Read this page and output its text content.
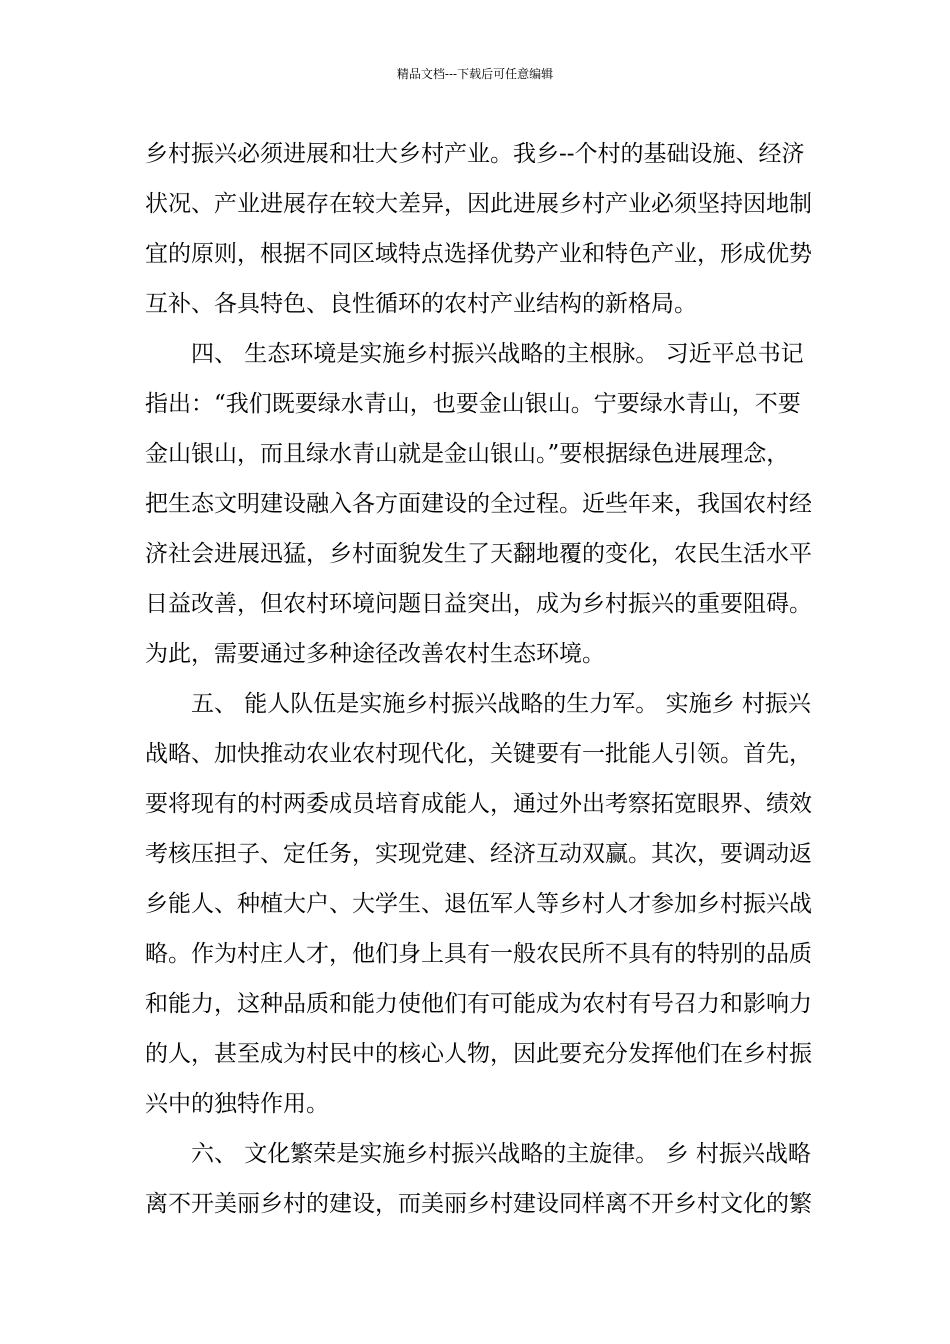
精品文档---下载后可任意编辑
乡村振兴必须进展和壮大乡村产业。我乡--个村的基础设施、经济
状况、产业进展存在较大差异，因此进展乡村产业必须坚持因地制
宜的原则，根据不同区域特点选择优势产业和特色产业，形成优势
互补、各具特色、良性循环的农村产业结构的新格局。
四、 生态环境是实施乡村振兴战略的主根脉。 习近平总书记
指出：“我们既要绿水青山，也要金山银山。宁要绿水青山，不要
金山银山，而且绿水青山就是金山银山。”要根据绿色进展理念，
把生态文明建设融入各方面建设的全过程。近些年来，我国农村经
济社会进展迅猛，乡村面貌发生了天翻地覆的变化，农民生活水平
日益改善，但农村环境问题日益突出，成为乡村振兴的重要阻碍。
为此，需要通过多种途径改善农村生态环境。
五、 能人队伍是实施乡村振兴战略的生力军。 实施乡 村振兴
战略、加快推动农业农村现代化，关键要有一批能人引领。首先，
要将现有的村两委成员培育成能人，通过外出考察拓宽眼界、绩效
考核压担子、定任务，实现党建、经济互动双赢。其次，要调动返
乡能人、种植大户、大学生、退伍军人等乡村人才参加乡村振兴战
略。作为村庄人才，他们身上具有一般农民所不具有的特别的品质
和能力，这种品质和能力使他们有可能成为农村有号召力和影响力
的人，甚至成为村民中的核心人物，因此要充分发挥他们在乡村振
兴中的独特作用。
六、 文化繁荣是实施乡村振兴战略的主旋律。 乡 村振兴战略
离不开美丽乡村的建设，而美丽乡村建设同样离不开乡村文化的繁
